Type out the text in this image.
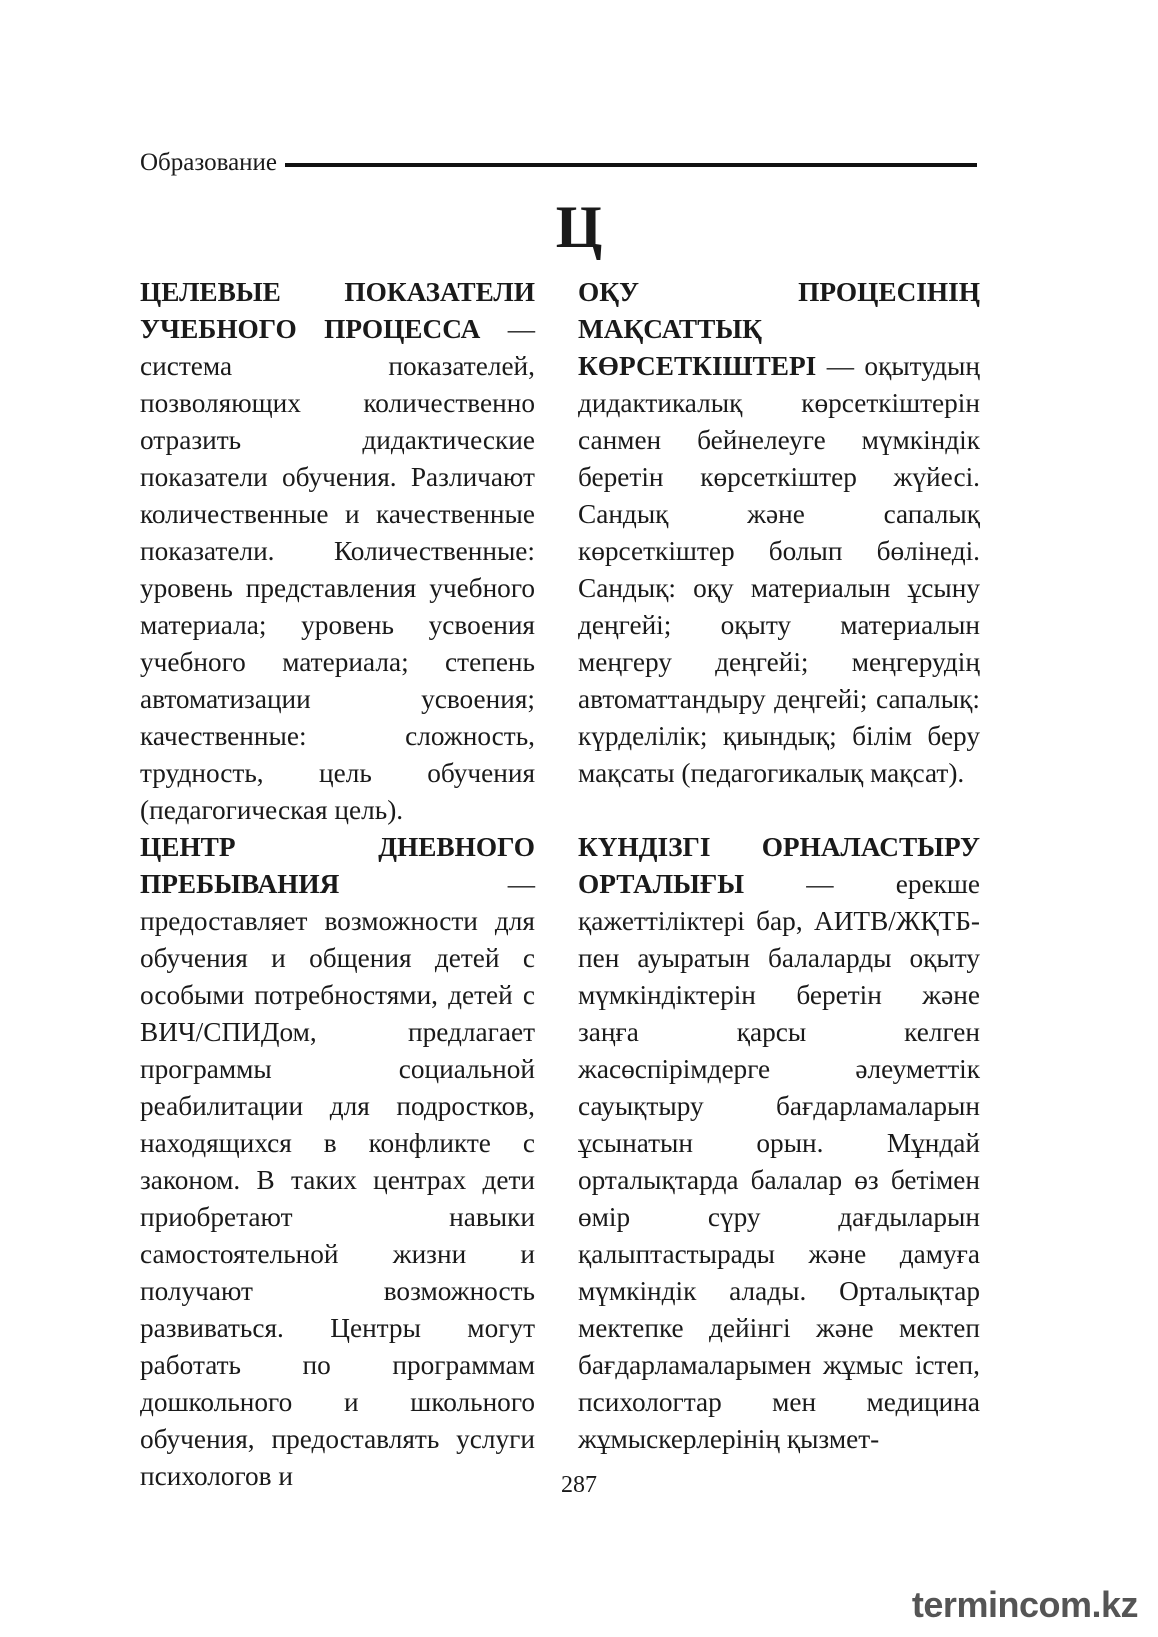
Образование
Ц

ЦЕЛЕВЫЕ ПОКАЗАТЕЛИ УЧЕБНОГО ПРОЦЕССА — система показателей, позволяющих количественно отразить дидактические показатели обучения. Различают количественные и качественные показатели. Количественные: уровень представления учебного материала; уровень усвоения учебного материала; степень автоматизации усвоения; качественные: сложность, трудность, цель обучения (педагогическая цель).

ЦЕНТР ДНЕВНОГО ПРЕБЫВАНИЯ — предоставляет возможности для обучения и общения детей с особыми потребностями, детей с ВИЧ/СПИДом, предлагает программы социальной реабилитации для подростков, находящихся в конфликте с законом. В таких центрах дети приобретают навыки самостоятельной жизни и получают возможность развиваться. Центры могут работать по программам дошкольного и школьного обучения, предоставлять услуги психологов и

ОҚУ ПРОЦЕСІНІҢ МАҚСАТТЫҚ КӨРСЕТКІШТЕРІ — оқытудың дидактикалық көрсеткіштерін санмен бейнелеуге мүмкіндік беретін көрсеткіштер жүйесі. Сандық және сапалық көрсеткіштер болып бөлінеді. Сандық: оқу материалын ұсыну деңгейі; оқыту материалын меңгеру деңгейі; меңгерудің автоматтандыру деңгейі; сапалық: күрделілік; қиындық; білім беру мақсаты (педагогикалық мақсат).

КҮНДІЗГІ ОРНАЛАСТЫРУ ОРТАЛЫҒЫ — ерекше қажеттіліктері бар, АИТВ/ЖҚТБ-пен ауыратын балаларды оқыту мүмкіндіктерін беретін және заңға қарсы келген жасөспірімдерге әлеуметтік сауықтыру бағдарламаларын ұсынатын орын. Мұндай орталықтарда балалар өз бетімен өмір сүру дағдыларын қалыптастырады және дамуға мүмкіндік алады. Орталықтар мектепке дейінгі және мектеп бағдарламаларымен жұмыс істеп, психологтар мен медицина жұмыскерлерінің қызмет-

287
termincom.kz
